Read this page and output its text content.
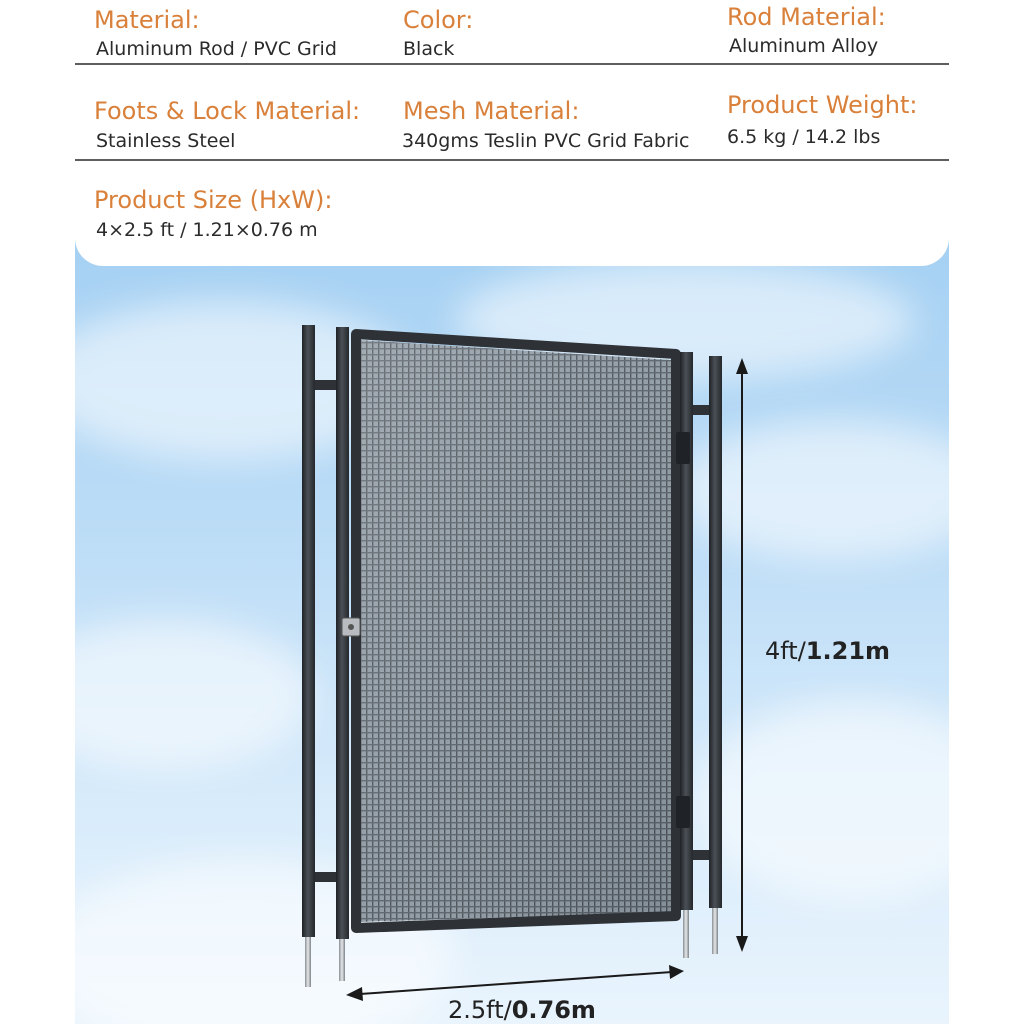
Material:
Aluminum Rod / PVC Grid
Color:
Black
Rod Material:
Aluminum Alloy
Foots & Lock Material:
Stainless Steel
Mesh Material:
340gms Teslin PVC Grid Fabric
Product Weight:
6.5 kg / 14.2 lbs
Product Size (HxW):
4×2.5 ft / 1.21×0.76 m
4ft/1.21m
2.5ft/0.76m
